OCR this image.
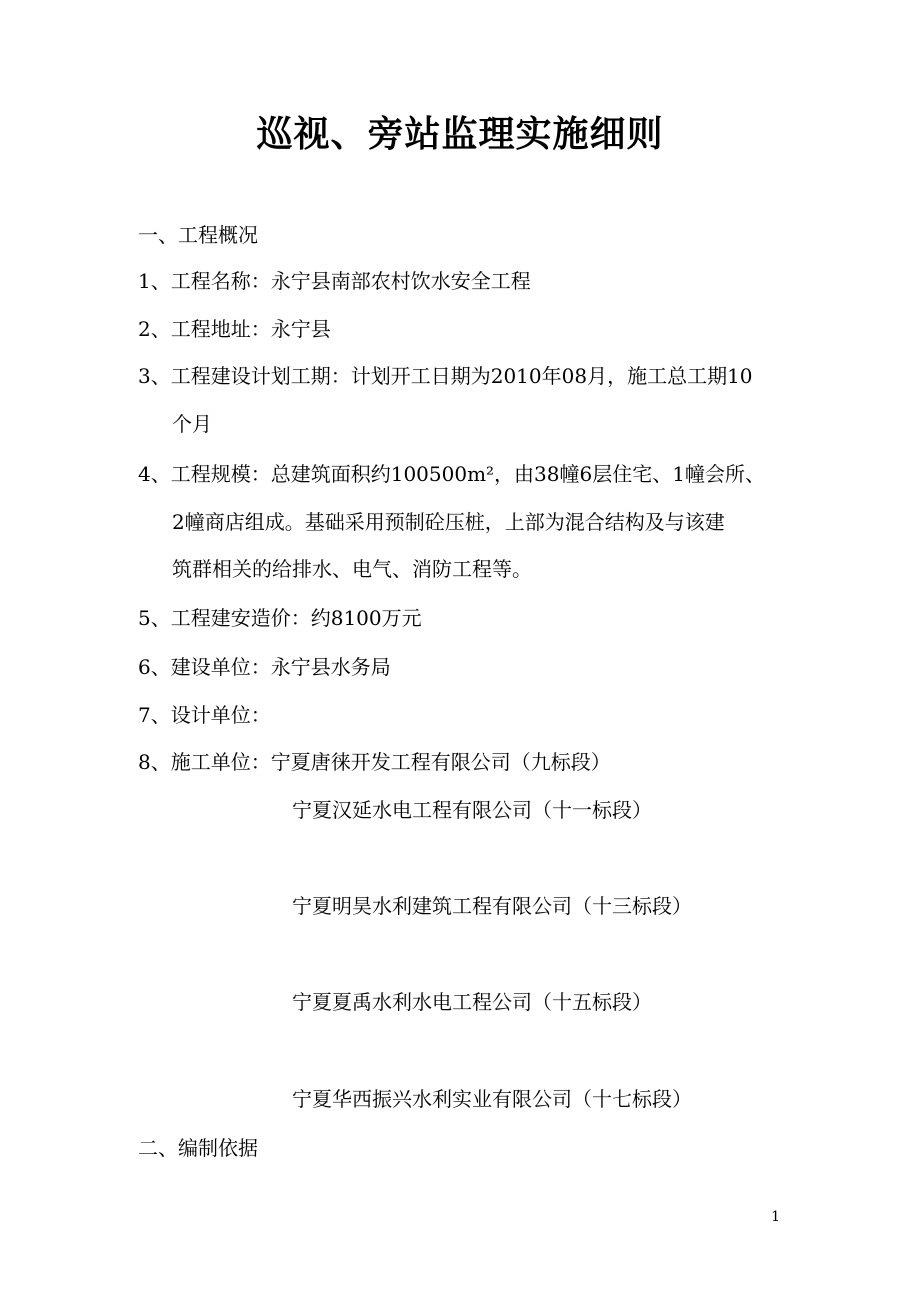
巡视、旁站监理实施细则
一、工程概况
1、工程名称：永宁县南部农村饮水安全工程
2、工程地址：永宁县
3、工程建设计划工期：计划开工日期为2010年08月，施工总工期10
个月
4、工程规模：总建筑面积约100500m²，由38幢6层住宅、1幢会所、
2幢商店组成。基础采用预制砼压桩，上部为混合结构及与该建
筑群相关的给排水、电气、消防工程等。
5、工程建安造价：约8100万元
6、建设单位：永宁县水务局
7、设计单位：
8、施工单位：宁夏唐徕开发工程有限公司（九标段）
宁夏汉延水电工程有限公司（十一标段）
宁夏明昊水利建筑工程有限公司（十三标段）
宁夏夏禹水利水电工程公司（十五标段）
宁夏华西振兴水利实业有限公司（十七标段）
二、编制依据
1
